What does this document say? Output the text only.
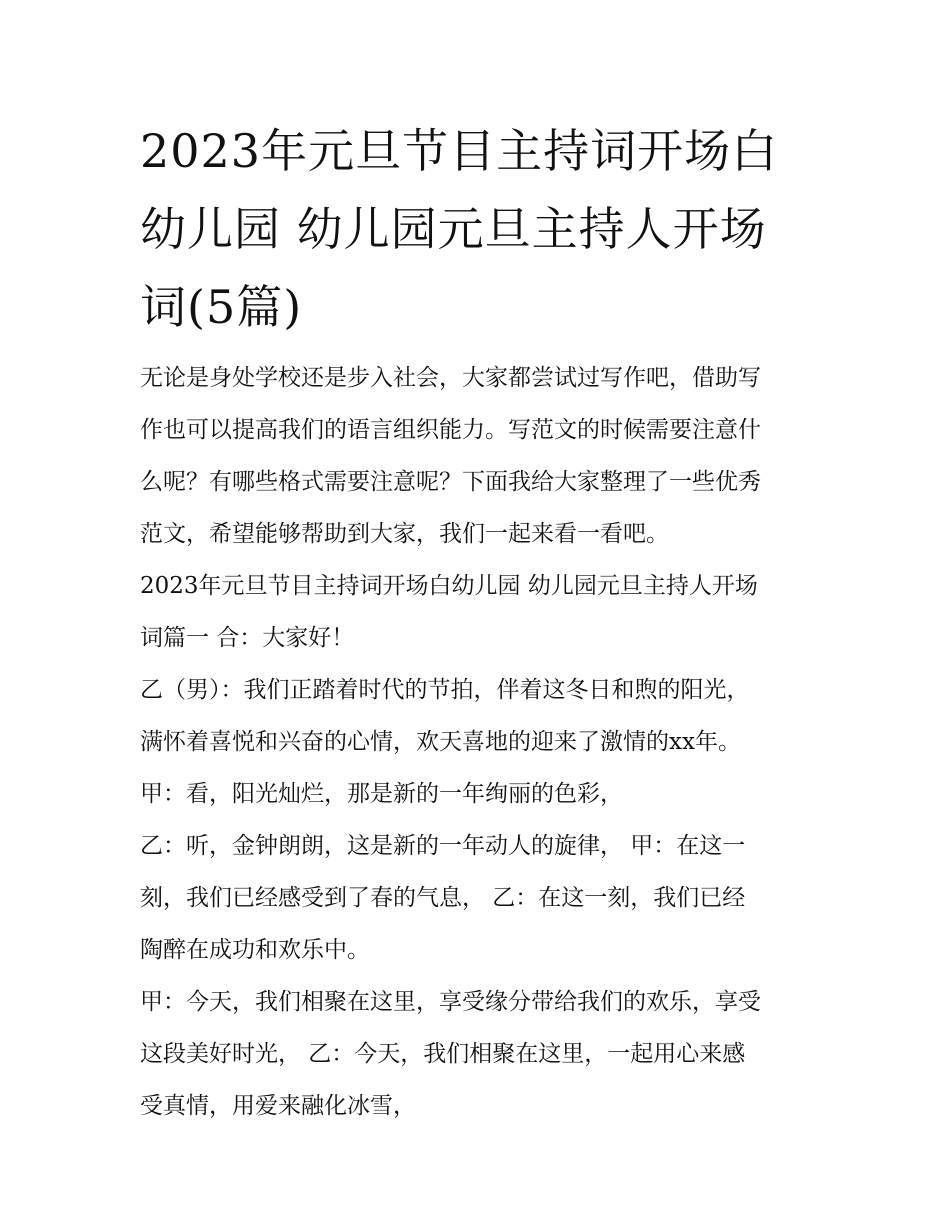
2023年元旦节目主持词开场白
幼儿园 幼儿园元旦主持人开场
词(5篇)
无论是身处学校还是步入社会，大家都尝试过写作吧，借助写
作也可以提高我们的语言组织能力。写范文的时候需要注意什
么呢？有哪些格式需要注意呢？下面我给大家整理了一些优秀
范文，希望能够帮助到大家，我们一起来看一看吧。
2023年元旦节目主持词开场白幼儿园 幼儿园元旦主持人开场
词篇一 合：大家好！
乙（男）：我们正踏着时代的节拍，伴着这冬日和煦的阳光，
满怀着喜悦和兴奋的心情，欢天喜地的迎来了激情的xx年。
甲：看，阳光灿烂，那是新的一年绚丽的色彩，
乙：听，金钟朗朗，这是新的一年动人的旋律， 甲：在这一
刻，我们已经感受到了春的气息， 乙：在这一刻，我们已经
陶醉在成功和欢乐中。
甲：今天，我们相聚在这里，享受缘分带给我们的欢乐，享受
这段美好时光， 乙：今天，我们相聚在这里，一起用心来感
受真情，用爱来融化冰雪，
